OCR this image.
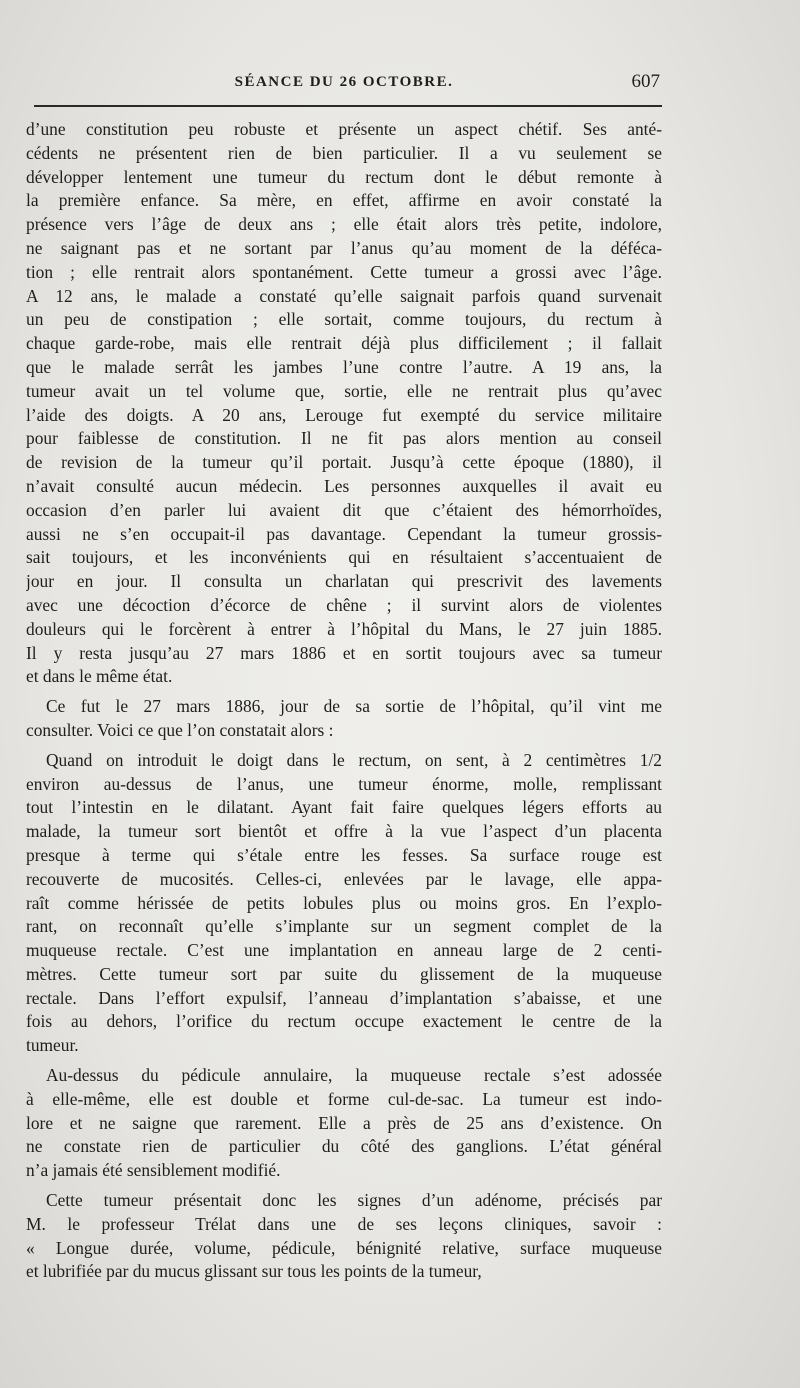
SÉANCE DU 26 OCTOBRE.	607
d’une constitution peu robuste et présente un aspect chétif. Ses anté-
cédents ne présentent rien de bien particulier. Il a vu seulement se
développer lentement une tumeur du rectum dont le début remonte à
la première enfance. Sa mère, en effet, affirme en avoir constaté la
présence vers l’âge de deux ans ; elle était alors très petite, indolore,
ne saignant pas et ne sortant par l’anus qu’au moment de la déféca-
tion ; elle rentrait alors spontanément. Cette tumeur a grossi avec l’âge.
A 12 ans, le malade a constaté qu’elle saignait parfois quand survenait
un peu de constipation ; elle sortait, comme toujours, du rectum à
chaque garde-robe, mais elle rentrait déjà plus difficilement ; il fallait
que le malade serrât les jambes l’une contre l’autre. A 19 ans, la
tumeur avait un tel volume que, sortie, elle ne rentrait plus qu’avec
l’aide des doigts. A 20 ans, Lerouge fut exempté du service militaire
pour faiblesse de constitution. Il ne fit pas alors mention au conseil
de revision de la tumeur qu’il portait. Jusqu’à cette époque (1880), il
n’avait consulté aucun médecin. Les personnes auxquelles il avait eu
occasion d’en parler lui avaient dit que c’étaient des hémorrhoïdes,
aussi ne s’en occupait-il pas davantage. Cependant la tumeur grossis-
sait toujours, et les inconvénients qui en résultaient s’accentuaient de
jour en jour. Il consulta un charlatan qui prescrivit des lavements
avec une décoction d’écorce de chêne ; il survint alors de violentes
douleurs qui le forcèrent à entrer à l’hôpital du Mans, le 27 juin 1885.
Il y resta jusqu’au 27 mars 1886 et en sortit toujours avec sa tumeur
et dans le même état.
Ce fut le 27 mars 1886, jour de sa sortie de l’hôpital, qu’il vint me
consulter. Voici ce que l’on constatait alors :
Quand on introduit le doigt dans le rectum, on sent, à 2 centimètres 1/2
environ au-dessus de l’anus, une tumeur énorme, molle, remplissant
tout l’intestin en le dilatant. Ayant fait faire quelques légers efforts au
malade, la tumeur sort bientôt et offre à la vue l’aspect d’un placenta
presque à terme qui s’étale entre les fesses. Sa surface rouge est
recouverte de mucosités. Celles-ci, enlevées par le lavage, elle appa-
raît comme hérissée de petits lobules plus ou moins gros. En l’explo-
rant, on reconnaît qu’elle s’implante sur un segment complet de la
muqueuse rectale. C’est une implantation en anneau large de 2 centi-
mètres. Cette tumeur sort par suite du glissement de la muqueuse
rectale. Dans l’effort expulsif, l’anneau d’implantation s’abaisse, et une
fois au dehors, l’orifice du rectum occupe exactement le centre de la
tumeur.
Au-dessus du pédicule annulaire, la muqueuse rectale s’est adossée
à elle-même, elle est double et forme cul-de-sac. La tumeur est indo-
lore et ne saigne que rarement. Elle a près de 25 ans d’existence. On
ne constate rien de particulier du côté des ganglions. L’état général
n’a jamais été sensiblement modifié.
Cette tumeur présentait donc les signes d’un adénome, précisés par
M. le professeur Trélat dans une de ses leçons cliniques, savoir :
« Longue durée, volume, pédicule, bénignité relative, surface muqueuse
et lubrifiée par du mucus glissant sur tous les points de la tumeur,
